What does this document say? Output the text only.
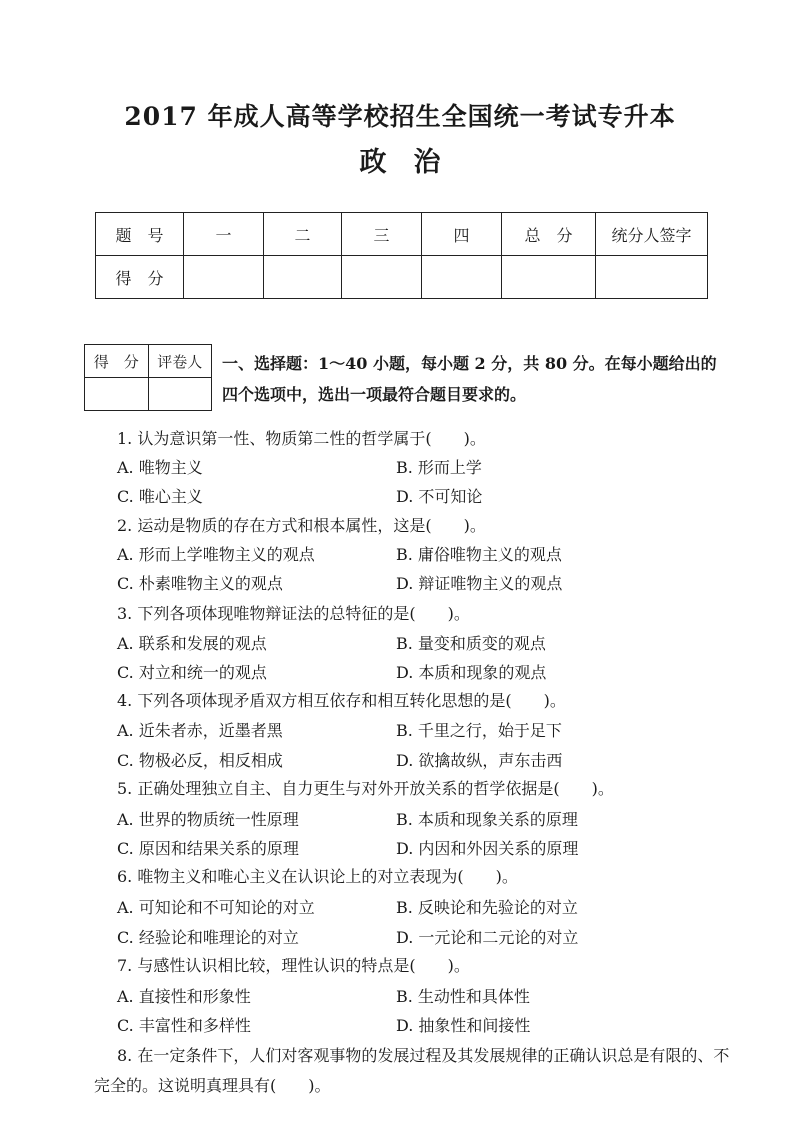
2017 年成人高等学校招生全国统一考试专升本
政　治
题　号	一	二	三	四	总　分	统分人签字
得　分						
得　分	评卷人
	一、选择题：1～40 小题，每小题 2 分，共 80 分。在每小题给出的四个选项中，选出一项最符合题目要求的。
1. 认为意识第一性、物质第二性的哲学属于(　　)。
A. 唯物主义	B. 形而上学
C. 唯心主义	D. 不可知论
2. 运动是物质的存在方式和根本属性，这是(　　)。
A. 形而上学唯物主义的观点	B. 庸俗唯物主义的观点
C. 朴素唯物主义的观点	D. 辩证唯物主义的观点
3. 下列各项体现唯物辩证法的总特征的是(　　)。
A. 联系和发展的观点	B. 量变和质变的观点
C. 对立和统一的观点	D. 本质和现象的观点
4. 下列各项体现矛盾双方相互依存和相互转化思想的是(　　)。
A. 近朱者赤，近墨者黑	B. 千里之行，始于足下
C. 物极必反，相反相成	D. 欲擒故纵，声东击西
5. 正确处理独立自主、自力更生与对外开放关系的哲学依据是(　　)。
A. 世界的物质统一性原理	B. 本质和现象关系的原理
C. 原因和结果关系的原理	D. 内因和外因关系的原理
6. 唯物主义和唯心主义在认识论上的对立表现为(　　)。
A. 可知论和不可知论的对立	B. 反映论和先验论的对立
C. 经验论和唯理论的对立	D. 一元论和二元论的对立
7. 与感性认识相比较，理性认识的特点是(　　)。
A. 直接性和形象性	B. 生动性和具体性
C. 丰富性和多样性	D. 抽象性和间接性
8. 在一定条件下，人们对客观事物的发展过程及其发展规律的正确认识总是有限的、不完全的。这说明真理具有(　　)。
